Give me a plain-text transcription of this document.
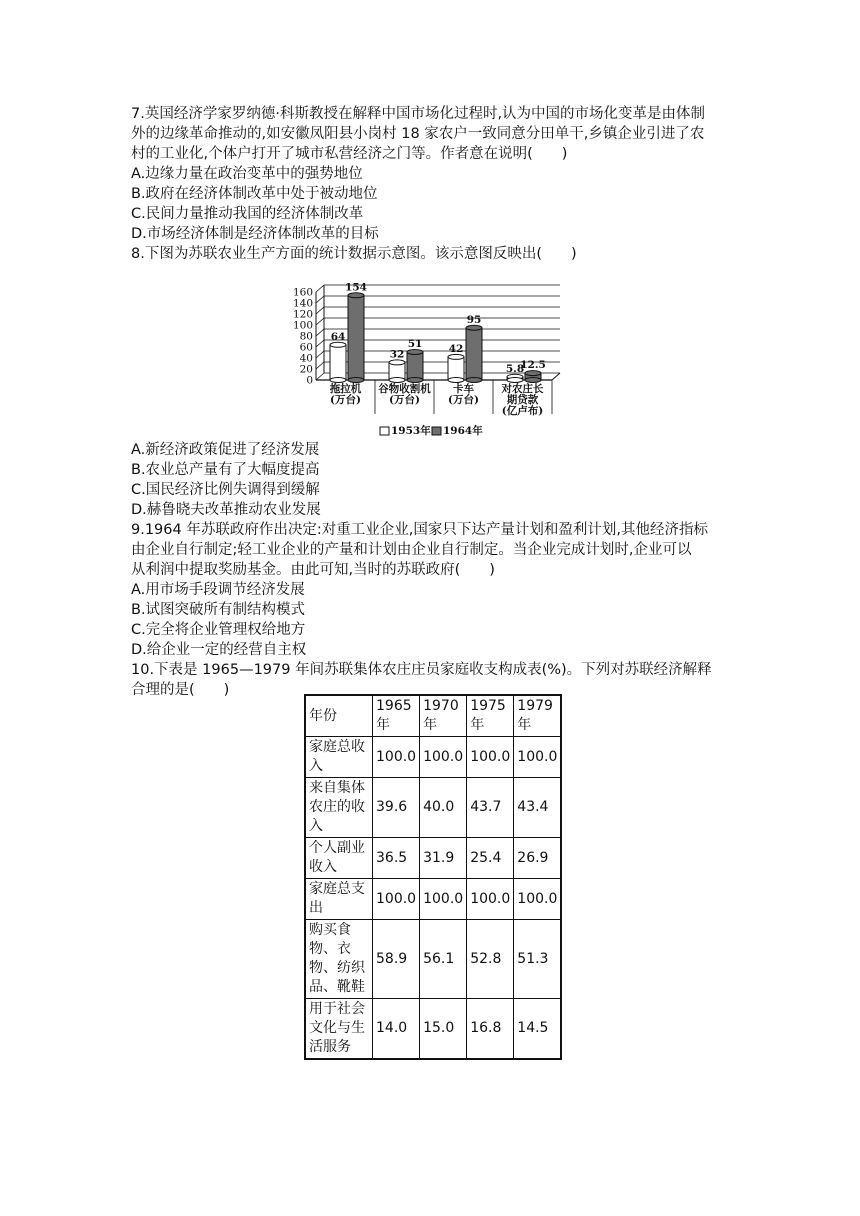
7.英国经济学家罗纳德·科斯教授在解释中国市场化过程时,认为中国的市场化变革是由体制
外的边缘革命推动的,如安徽凤阳县小岗村 18 家农户一致同意分田单干,乡镇企业引进了农
村的工业化,个体户打开了城市私营经济之门等。作者意在说明(　　)
A.边缘力量在政治变革中的强势地位
B.政府在经济体制改革中处于被动地位
C.民间力量推动我国的经济体制改革
D.市场经济体制是经济体制改革的目标
8.下图为苏联农业生产方面的统计数据示意图。该示意图反映出(　　)
0
20
40
60
80
100
120
140
160
64
154
拖拉机
(万台)
32
51
谷物收割机
(万台)
42
95
卡车
(万台)
5.8
12.5
对农庄长
期贷款
(亿卢布)
1953年 1964年
A.新经济政策促进了经济发展
B.农业总产量有了大幅度提高
C.国民经济比例失调得到缓解
D.赫鲁晓夫改革推动农业发展
9.1964 年苏联政府作出决定:对重工业企业,国家只下达产量计划和盈利计划,其他经济指标
由企业自行制定;轻工业企业的产量和计划由企业自行制定。当企业完成计划时,企业可以
从利润中提取奖励基金。由此可知,当时的苏联政府(　　)
A.用市场手段调节经济发展
B.试图突破所有制结构模式
C.完全将企业管理权给地方
D.给企业一定的经营自主权
10.下表是 1965—1979 年间苏联集体农庄庄员家庭收支构成表(%)。下列对苏联经济解释
合理的是(　　)
年份	1965年	1970年	1975年	1979年
家庭总收入	100.0	100.0	100.0	100.0
来自集体农庄的收入	39.6	40.0	43.7	43.4
个人副业收入	36.5	31.9	25.4	26.9
家庭总支出	100.0	100.0	100.0	100.0
购买食物、衣物、纺织品、靴鞋	58.9	56.1	52.8	51.3
用于社会文化与生活服务	14.0	15.0	16.8	14.5
